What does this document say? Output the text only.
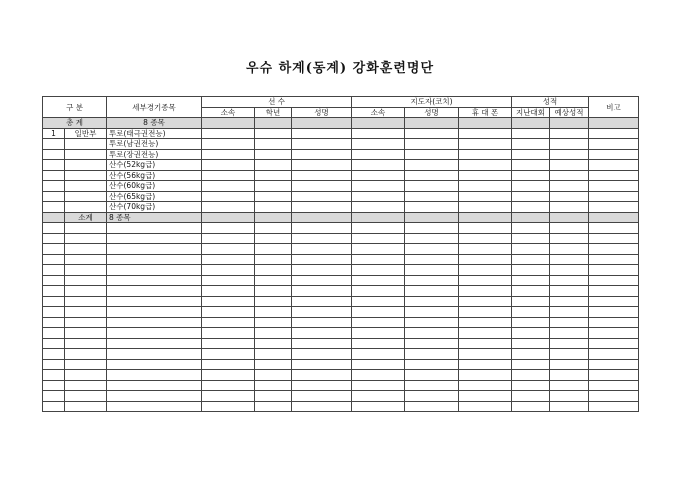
우슈 하계(동계) 강화훈련명단
구 분		세부경기종목	선 수			지도자(코치)			성적		비고
			소속	학년	성명	소속	성명	휴 대 폰	지난대회	예상성적	
총 계		8 종목									
1	일반부	투로(태극권전능)									
		투로(남권전능)									
		투로(장권전능)									
		산수(52kg급)									
		산수(56kg급)									
		산수(60kg급)									
		산수(65kg급)									
		산수(70kg급)									
	소계	8 종목									
